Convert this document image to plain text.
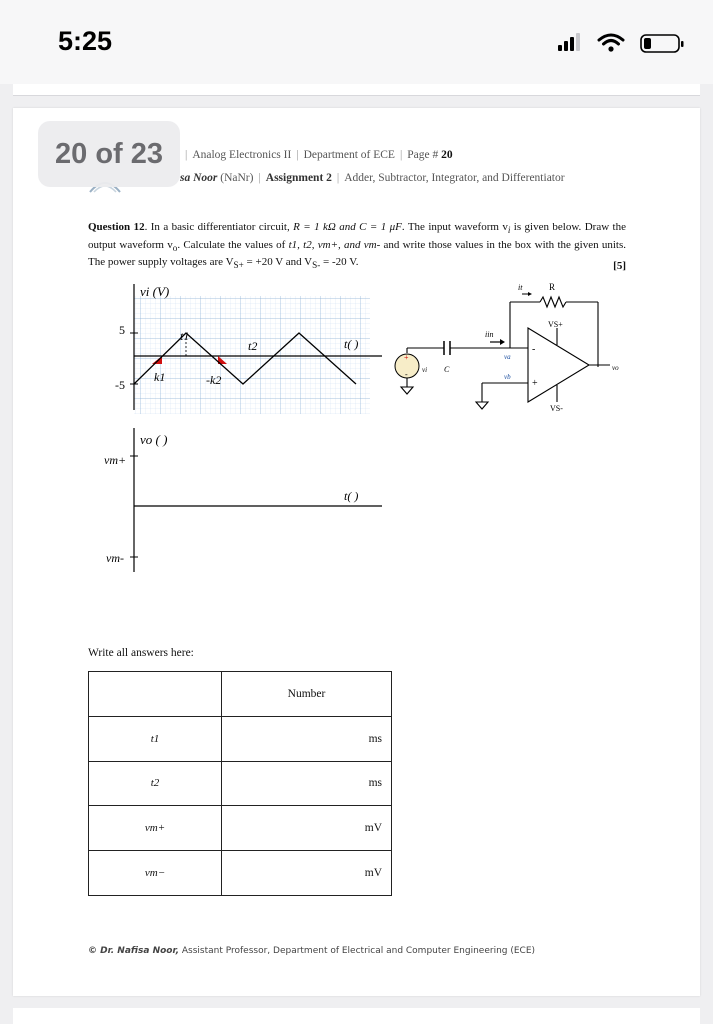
5:25
20 of 23	| Analog Electronics II | Department of ECE | Page # 20
sa Noor (NaNr) | Assignment 2 | Adder, Subtractor, Integrator, and Differentiator
Question 12. In a basic differentiator circuit, R = 1 kΩ and C = 1 μF. The input waveform $v_i$ is given below. Draw the output waveform $v_o$. Calculate the values of t1, t2, vm+, and vm- and write those values in the box with the given units. The power supply voltages are $V_{S+} = +20$ V and $V_{S-} = -20$ V.	[5]
vi (V)
5
-5
t1
t2
k1	-k2
t( )
vo ( )
vm+
vm-
t( )
+
-
R
it
iin
C
vi
va
vb
vo
VS+
VS-
-
+
Write all answers here:
	Number
t1	ms
t2	ms
vm+	mV
vm−	mV
© Dr. Nafisa Noor, Assistant Professor, Department of Electrical and Computer Engineering (ECE)
